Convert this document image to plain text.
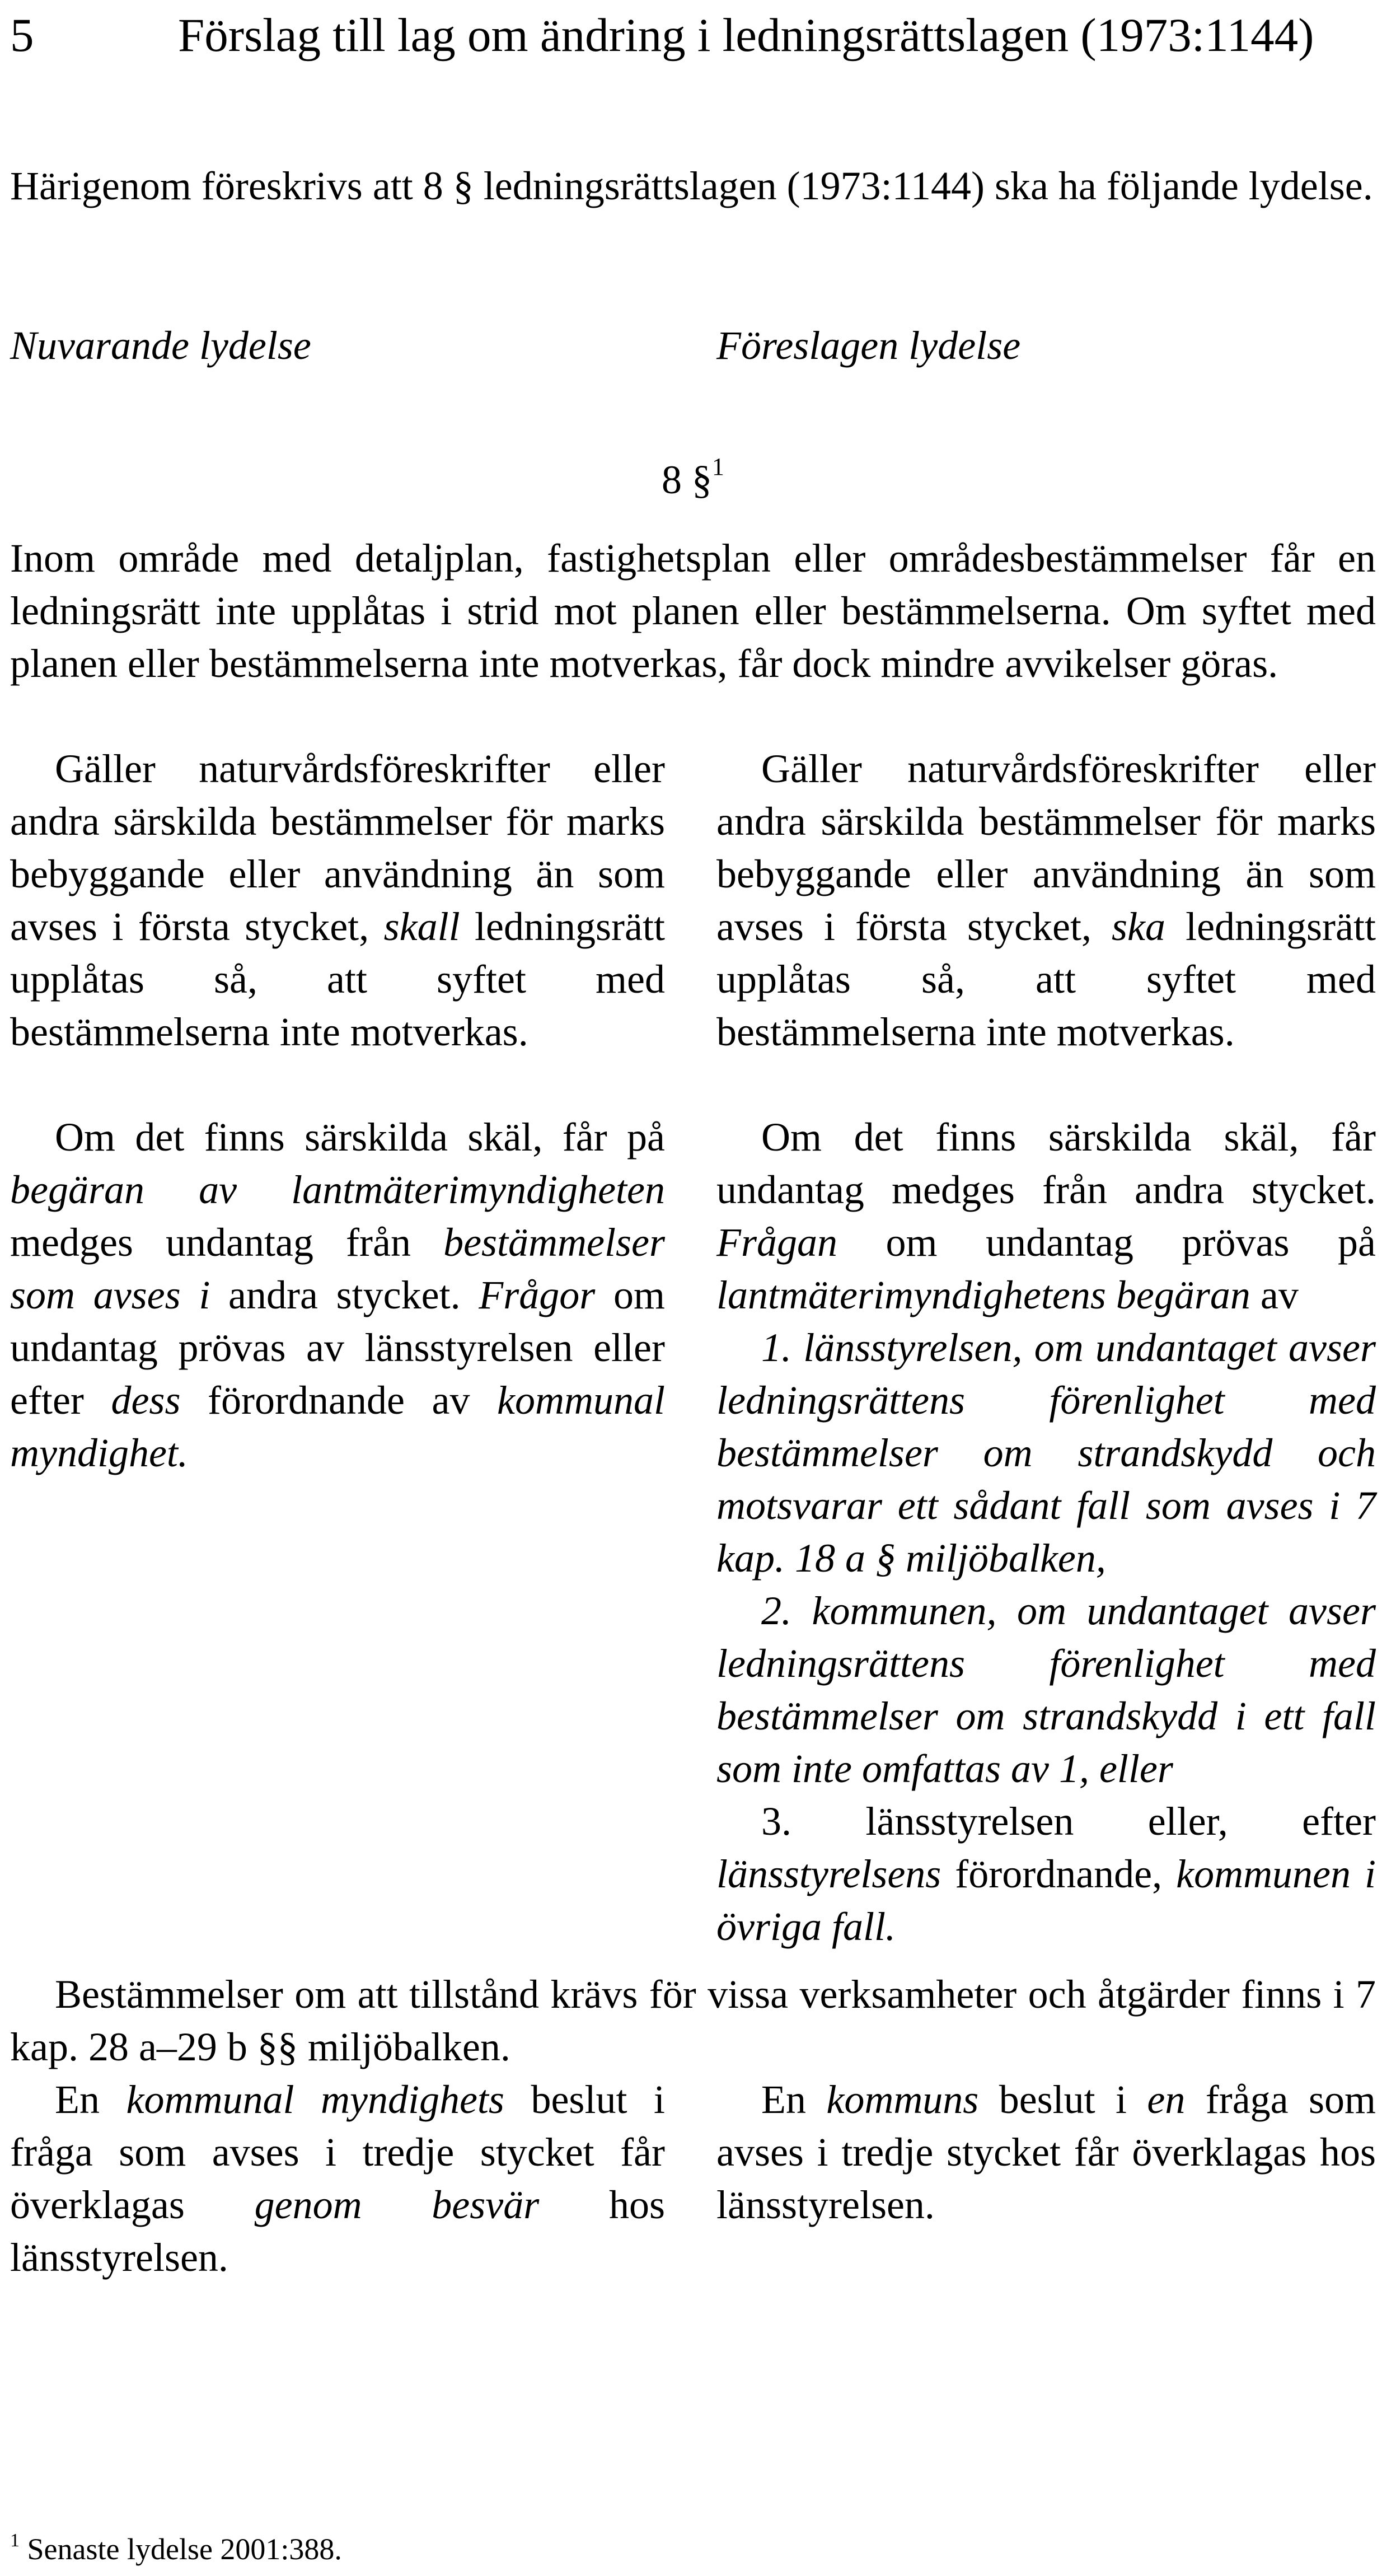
5	Förslag till lag om ändring i ledningsrättslagen (1973:1144)

Härigenom föreskrivs att 8 § ledningsrättslagen (1973:1144) ska ha följande lydelse.

Nuvarande lydelse	Föreslagen lydelse
8 §$^1$

Inom område med detaljplan, fastighetsplan eller områdesbestämmelser får en ledningsrätt inte upplåtas i strid mot planen eller bestämmelserna. Om syftet med planen eller bestämmelserna inte motverkas, får dock mindre avvikelser göras.

Gäller naturvårdsföreskrifter eller andra särskilda bestämmelser för marks bebyggande eller användning än som avses i första stycket, skall ledningsrätt upplåtas så, att syftet med bestämmelserna inte motverkas.

Om det finns särskilda skäl, får på begäran av lantmäterimyndigheten medges undantag från bestämmelser som avses i andra stycket. Frågor om undantag prövas av länsstyrelsen eller efter dess förordnande av kommunal myndighet.

Gäller naturvårdsföreskrifter eller andra särskilda bestämmelser för marks bebyggande eller användning än som avses i första stycket, ska ledningsrätt upplåtas så, att syftet med bestämmelserna inte motverkas.

Om det finns särskilda skäl, får undantag medges från andra stycket. Frågan om undantag prövas på lantmäterimyndighetens begäran av

1. länsstyrelsen, om undantaget avser ledningsrättens förenlighet med bestämmelser om strandskydd och motsvarar ett sådant fall som avses i 7 kap. 18 a § miljöbalken,

2. kommunen, om undantaget avser ledningsrättens förenlighet med bestämmelser om strandskydd i ett fall som inte omfattas av 1, eller

3. länsstyrelsen eller, efter länsstyrelsens förordnande, kommunen i övriga fall.

Bestämmelser om att tillstånd krävs för vissa verksamheter och åtgärder finns i 7 kap. 28 a–29 b §§ miljöbalken.

En kommunal myndighets beslut i fråga som avses i tredje stycket får överklagas genom besvär hos länsstyrelsen.

En kommuns beslut i en fråga som avses i tredje stycket får överklagas hos länsstyrelsen.

$^1$ Senaste lydelse 2001:388.
